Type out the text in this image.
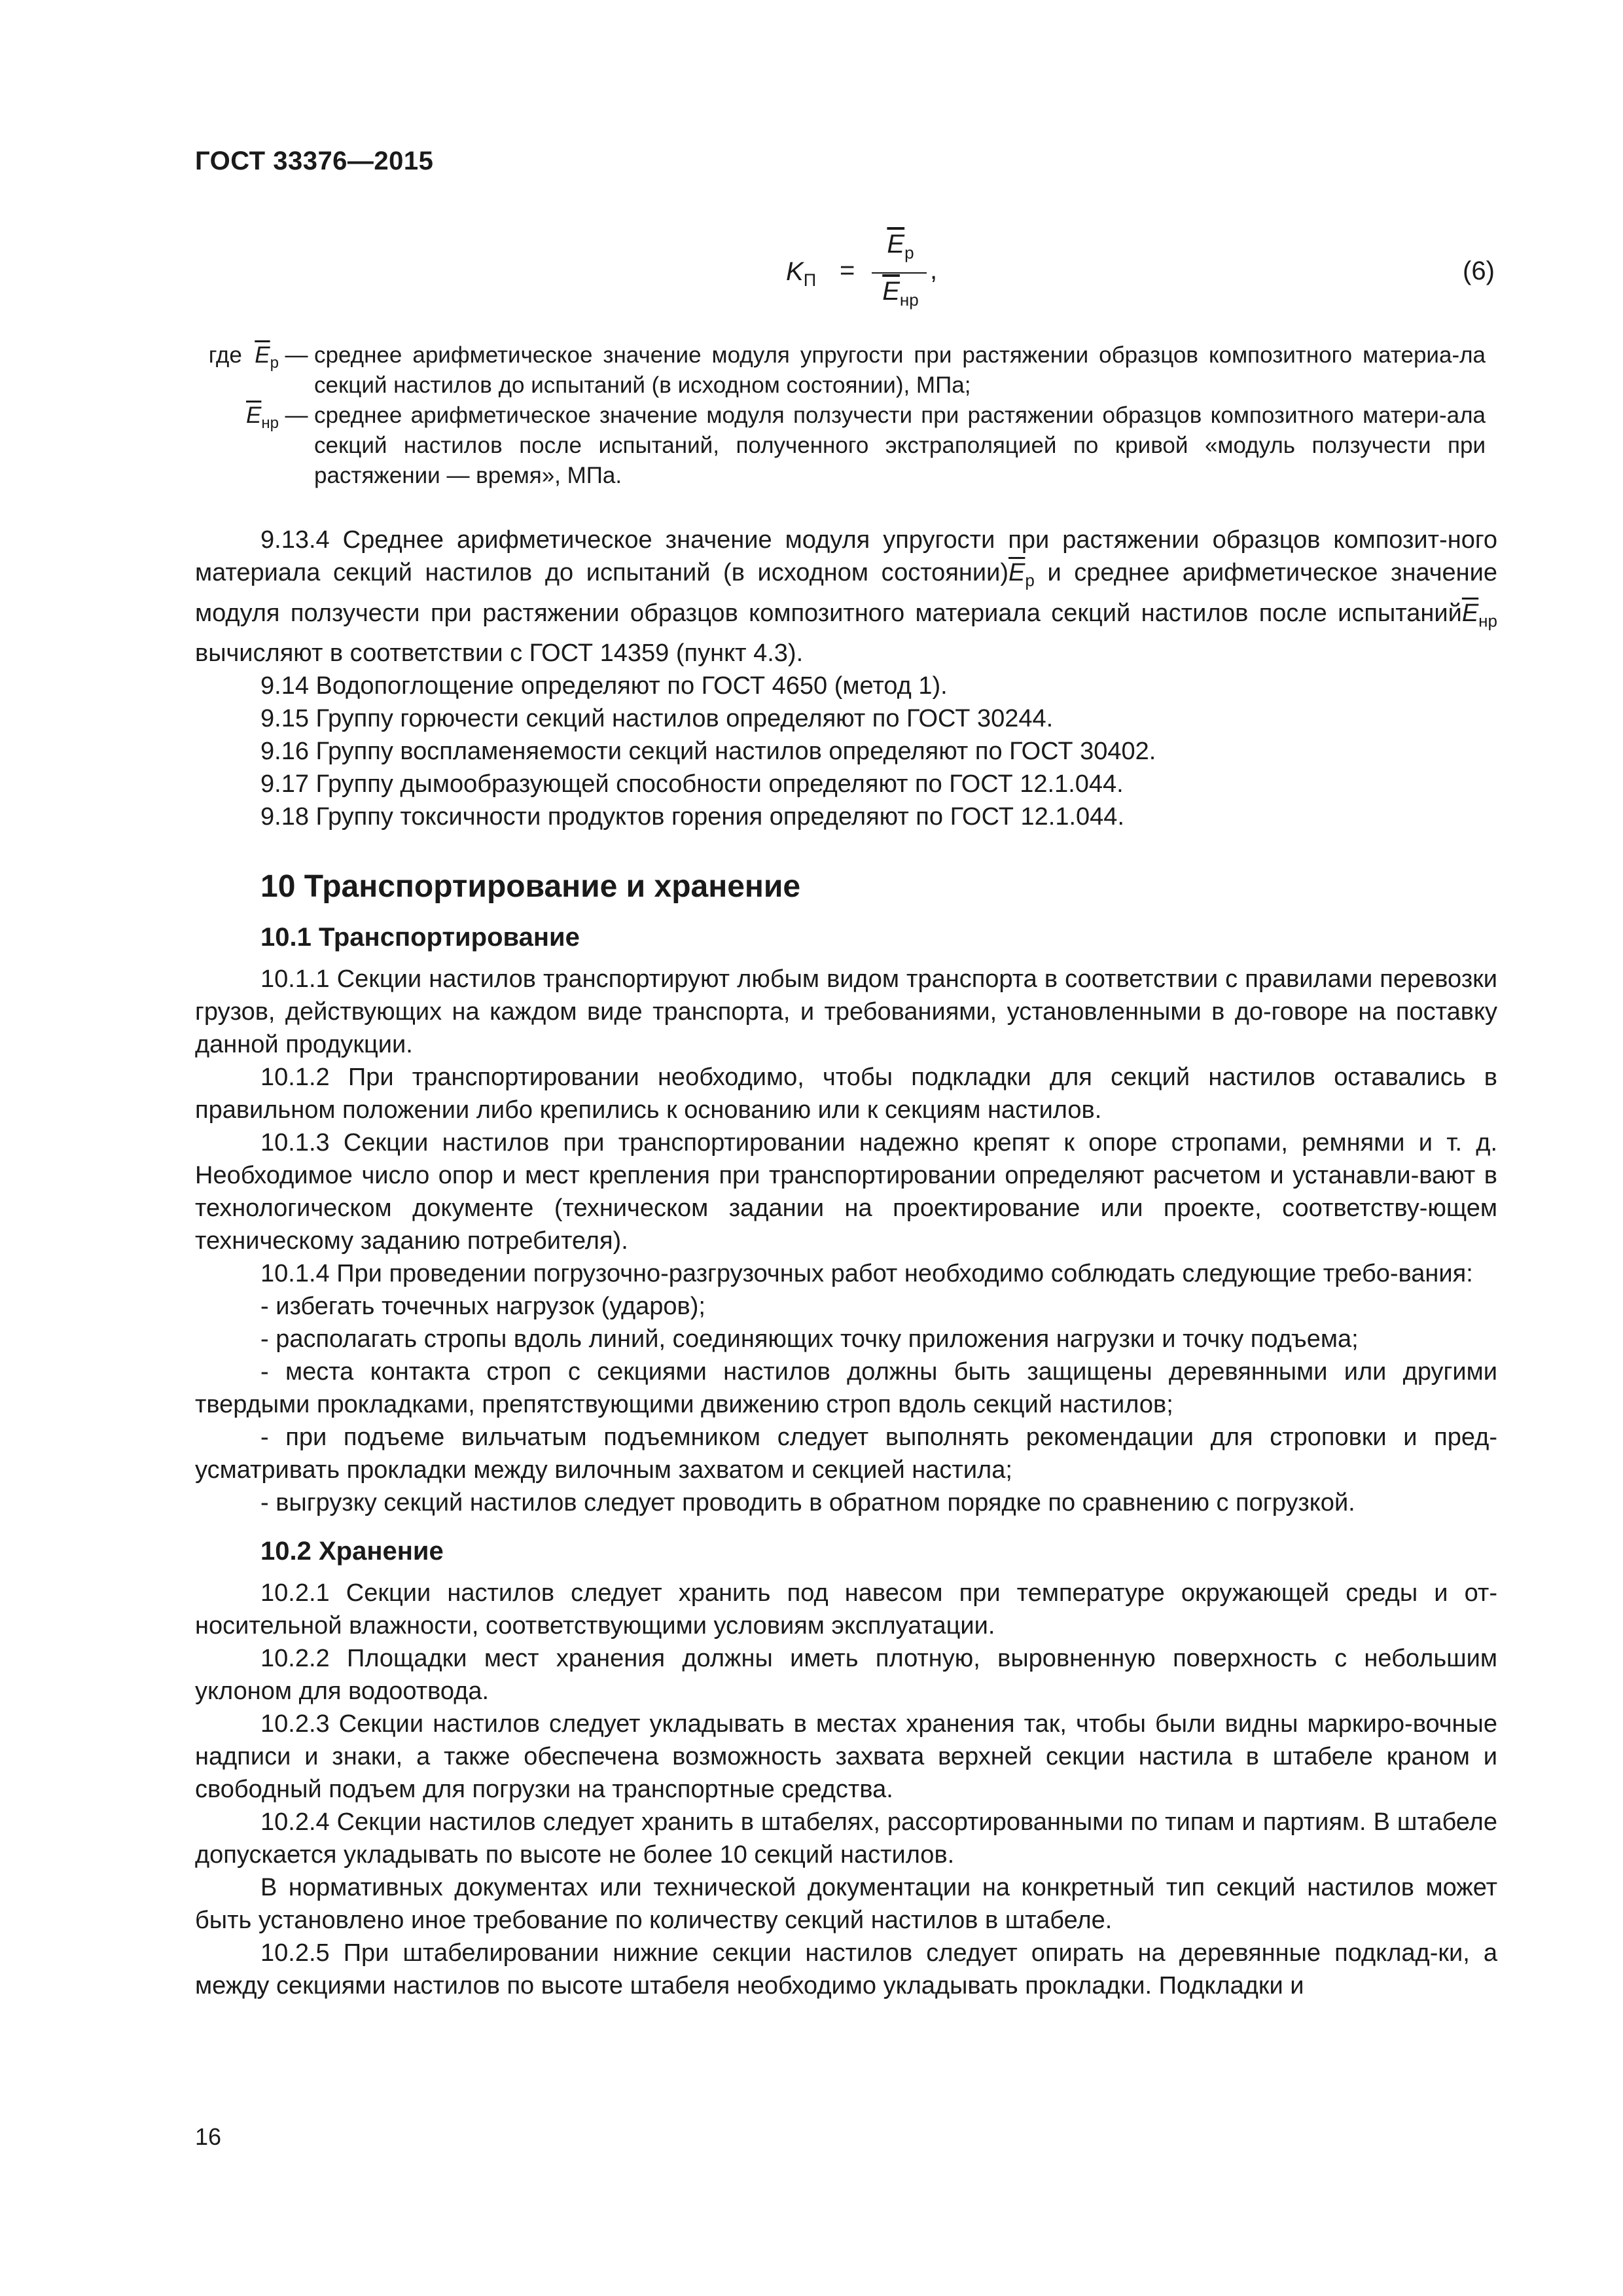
ГОСТ 33376—2015
$K_П$ =
$\overline{E}_р$
$\overline{E}_{нр}$
,	(6)
где $\overline{E}_р$ — среднее арифметическое значение модуля упругости при растяжении образцов композитного материа-ла секций настилов до испытаний (в исходном состоянии), МПа;
$\overline{E}_{нр}$ — среднее арифметическое значение модуля ползучести при растяжении образцов композитного матери-ала секций настилов после испытаний, полученного экстраполяцией по кривой «модуль ползучести при растяжении — время», МПа.

9.13.4 Среднее арифметическое значение модуля упругости при растяжении образцов композит-ного материала секций настилов до испытаний (в исходном $состоянии)\overline{E}_р$ и среднее арифметическое значение модуля ползучести при растяжении образцов композитного материала секций настилов после $испытаний\overline{E}_{нр}$ вычисляют в соответствии с ГОСТ 14359 (пункт 4.3).

9.14 Водопоглощение определяют по ГОСТ 4650 (метод 1).

9.15 Группу горючести секций настилов определяют по ГОСТ 30244.

9.16 Группу воспламеняемости секций настилов определяют по ГОСТ 30402.

9.17 Группу дымообразующей способности определяют по ГОСТ 12.1.044.

9.18 Группу токсичности продуктов горения определяют по ГОСТ 12.1.044.

10 Транспортирование и хранение
10.1 Транспортирование

10.1.1 Секции настилов транспортируют любым видом транспорта в соответствии с правилами перевозки грузов, действующих на каждом виде транспорта, и требованиями, установленными в до-говоре на поставку данной продукции.

10.1.2 При транспортировании необходимо, чтобы подкладки для секций настилов оставались в правильном положении либо крепились к основанию или к секциям настилов.

10.1.3 Секции настилов при транспортировании надежно крепят к опоре стропами, ремнями и т. д. Необходимое число опор и мест крепления при транспортировании определяют расчетом и устанавли-вают в технологическом документе (техническом задании на проектирование или проекте, соответству-ющем техническому заданию потребителя).

10.1.4 При проведении погрузочно-разгрузочных работ необходимо соблюдать следующие требо-вания:

- избегать точечных нагрузок (ударов);

- располагать стропы вдоль линий, соединяющих точку приложения нагрузки и точку подъема;

- места контакта строп с секциями настилов должны быть защищены деревянными или другими твердыми прокладками, препятствующими движению строп вдоль секций настилов;

- при подъеме вильчатым подъемником следует выполнять рекомендации для строповки и пред-усматривать прокладки между вилочным захватом и секцией настила;

- выгрузку секций настилов следует проводить в обратном порядке по сравнению с погрузкой.

10.2 Хранение

10.2.1 Секции настилов следует хранить под навесом при температуре окружающей среды и от-носительной влажности, соответствующими условиям эксплуатации.

10.2.2 Площадки мест хранения должны иметь плотную, выровненную поверхность с небольшим уклоном для водоотвода.

10.2.3 Секции настилов следует укладывать в местах хранения так, чтобы были видны маркиро-вочные надписи и знаки, а также обеспечена возможность захвата верхней секции настила в штабеле краном и свободный подъем для погрузки на транспортные средства.

10.2.4 Секции настилов следует хранить в штабелях, рассортированными по типам и партиям. В штабеле допускается укладывать по высоте не более 10 секций настилов.

В нормативных документах или технической документации на конкретный тип секций настилов может быть установлено иное требование по количеству секций настилов в штабеле.

10.2.5 При штабелировании нижние секции настилов следует опирать на деревянные подклад-ки, а между секциями настилов по высоте штабеля необходимо укладывать прокладки. Подкладки и

16
